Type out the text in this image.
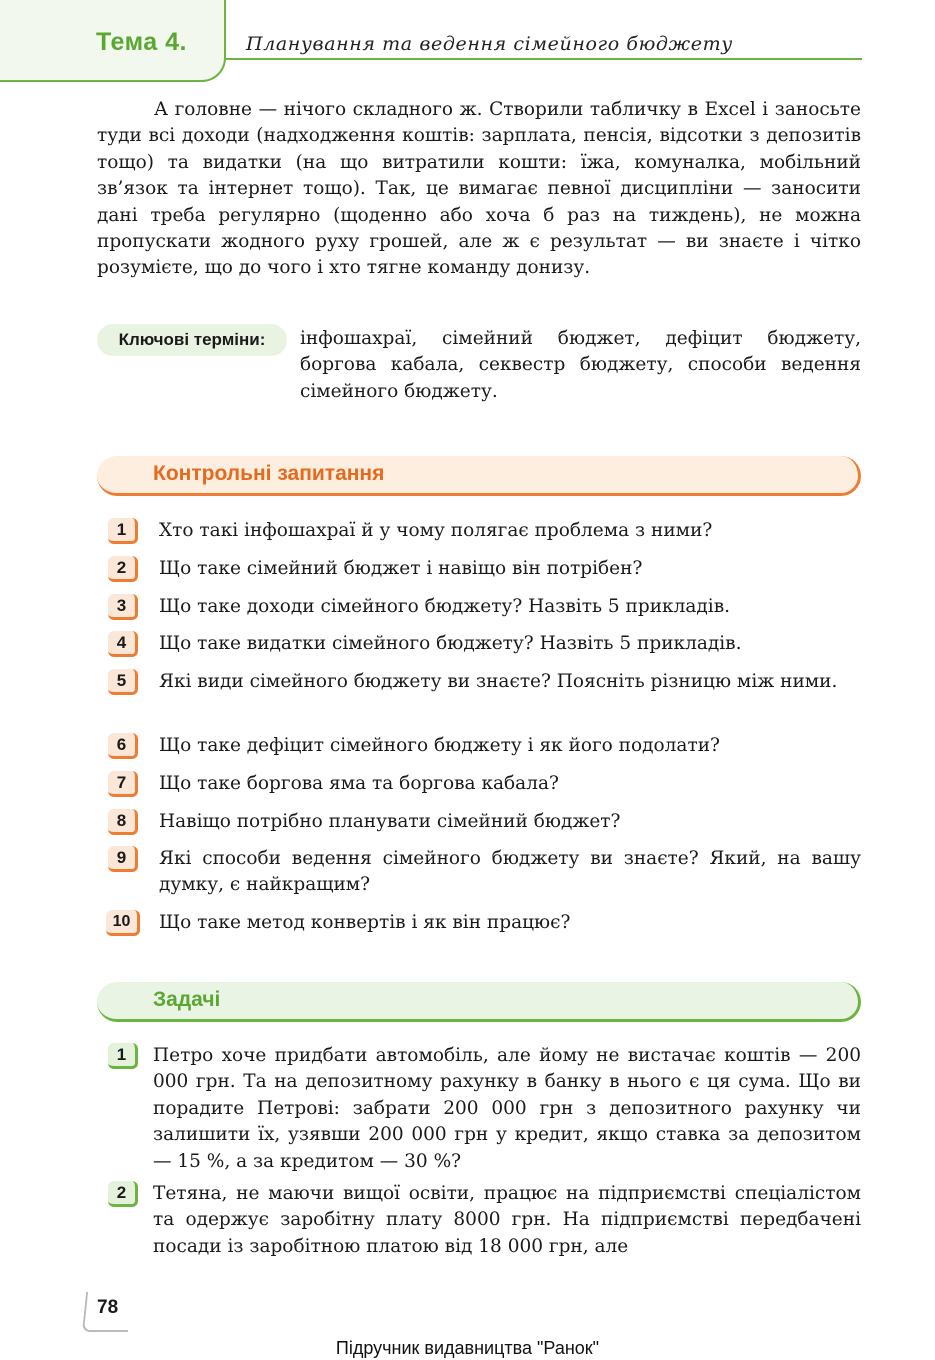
Тема 4.	Планування та ведення сімейного бюджету

А головне — нічого складного ж. Створили табличку в Excel і заносьте туди всі доходи (надходження коштів: зарплата, пенсія, відсотки з депозитів тощо) та видатки (на що витратили кошти: їжа, комуналка, мобільний зв’язок та інтернет тощо). Так, це вимагає певної дисципліни — заносити дані треба регулярно (щоденно або хоча б раз на тиждень), не можна пропускати жодного руху грошей, але ж є результат — ви знаєте і чітко розумієте, що до чого і хто тягне команду донизу.

Ключові терміни:	інфошахраї, сімейний бюджет, дефіцит бюджету, боргова кабала, секвестр бюджету, способи ведення сімейного бюджету.

Контрольні запитання
1	Хто такі інфошахраї й у чому полягає проблема з ними?

2	Що таке сімейний бюджет і навіщо він потрібен?

3	Що таке доходи сімейного бюджету? Назвіть 5 прикладів.

4	Що таке видатки сімейного бюджету? Назвіть 5 прикладів.

5	Які види сімейного бюджету ви знаєте? Поясніть різницю між ними.

6	Що таке дефіцит сімейного бюджету і як його подолати?

7	Що таке боргова яма та боргова кабала?

8	Навіщо потрібно планувати сімейний бюджет?

9	Які способи ведення сімейного бюджету ви знаєте? Який, на вашу думку, є найкращим?

10	Що таке метод конвертів і як він працює?

Задачі
1	Петро хоче придбати автомобіль, але йому не вистачає коштів — 200 000 грн. Та на депозитному рахунку в банку в нього є ця сума. Що ви порадите Петрові: забрати 200 000 грн з депозитного рахунку чи залишити їх, узявши 200 000 грн у кредит, якщо ставка за депозитом — 15 %, а за кредитом — 30 %?

2	Тетяна, не маючи вищої освіти, працює на підприємстві спеціалістом та одержує заробітну плату 8000 грн. На підприємстві передбачені посади із заробітною платою від 18 000 грн, але

78
Підручник видавництва "Ранок"
